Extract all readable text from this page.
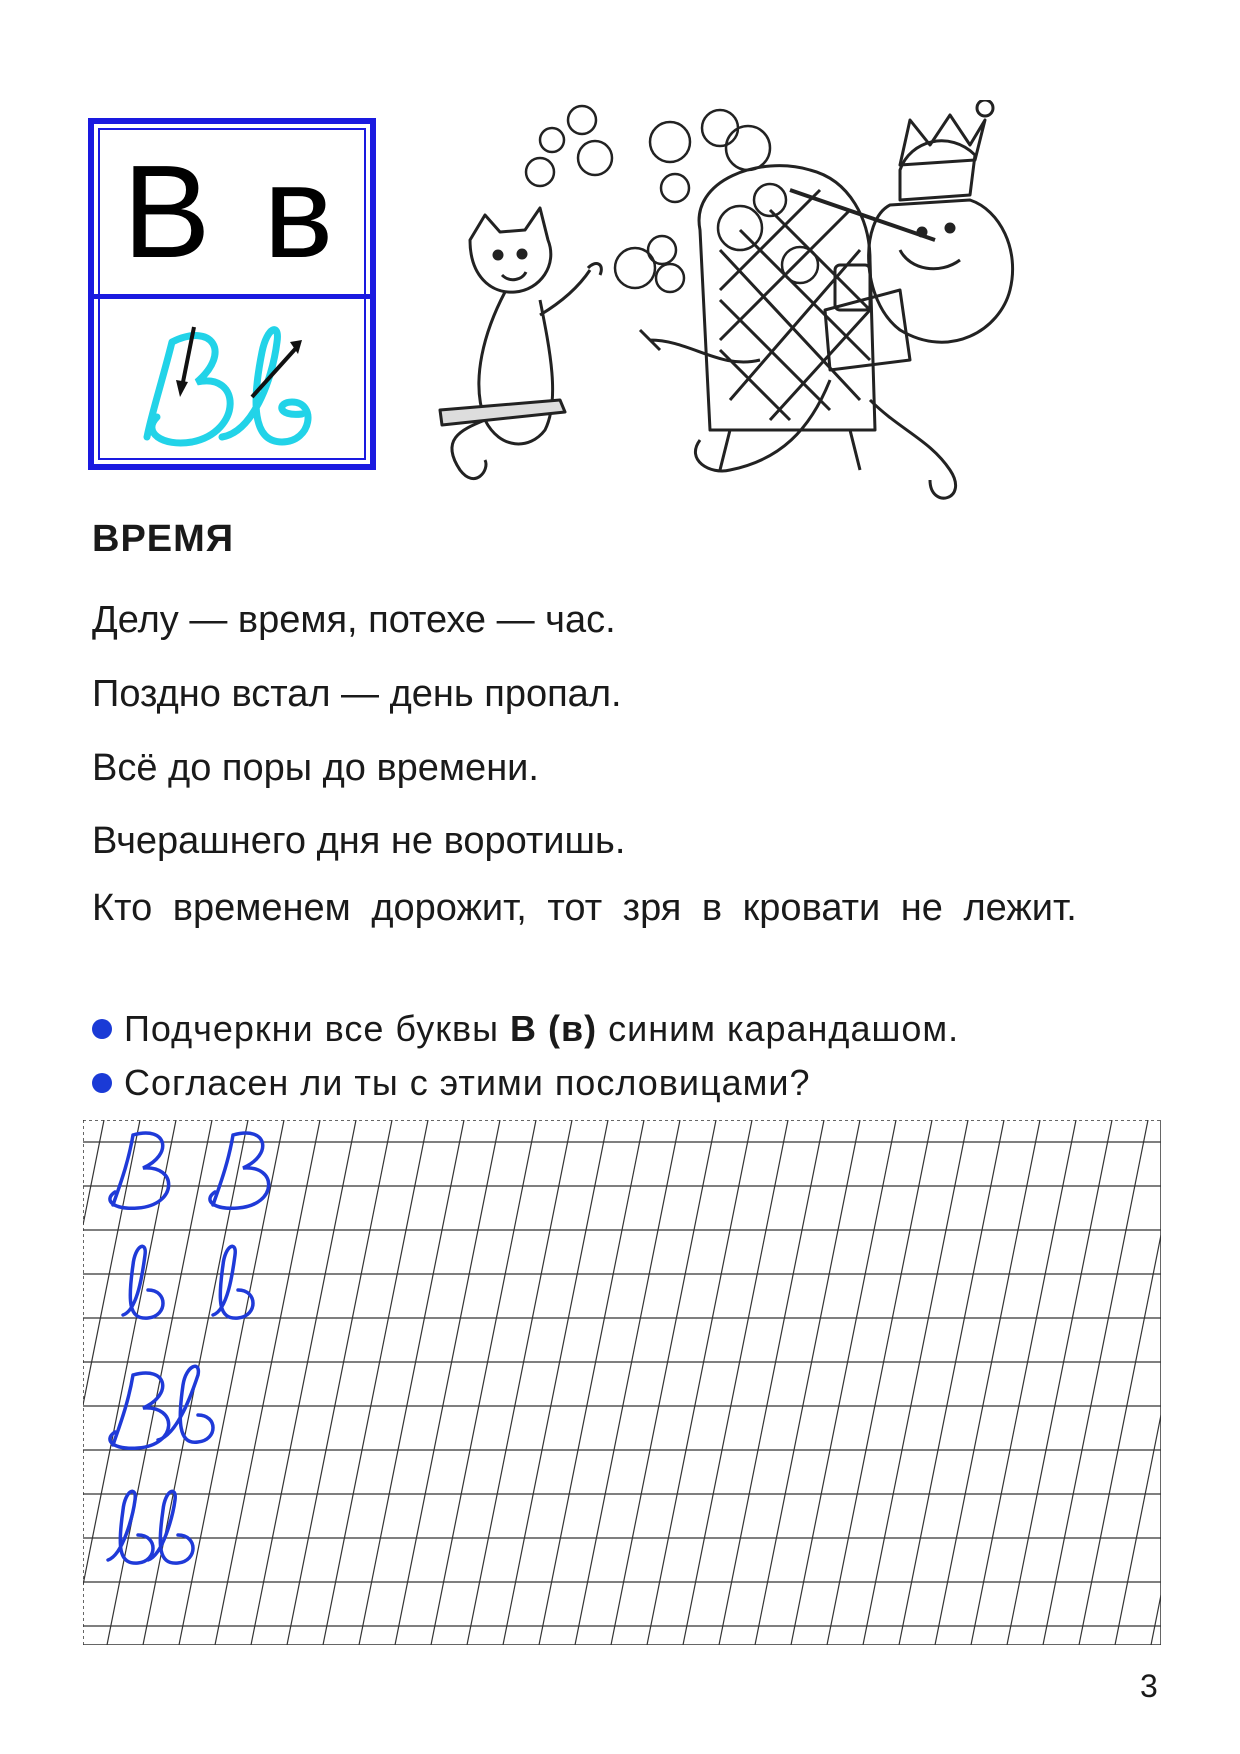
В в
ВРЕМЯ
Делу — время, потехе — час.
Поздно встал — день пропал.
Всё до поры до времени.
Вчерашнего дня не воротишь.
Кто временем дорожит, тот зря в кровати не лежит.
Подчеркни все буквы В (в) синим карандашом.
Согласен ли ты с этими пословицами?
3
